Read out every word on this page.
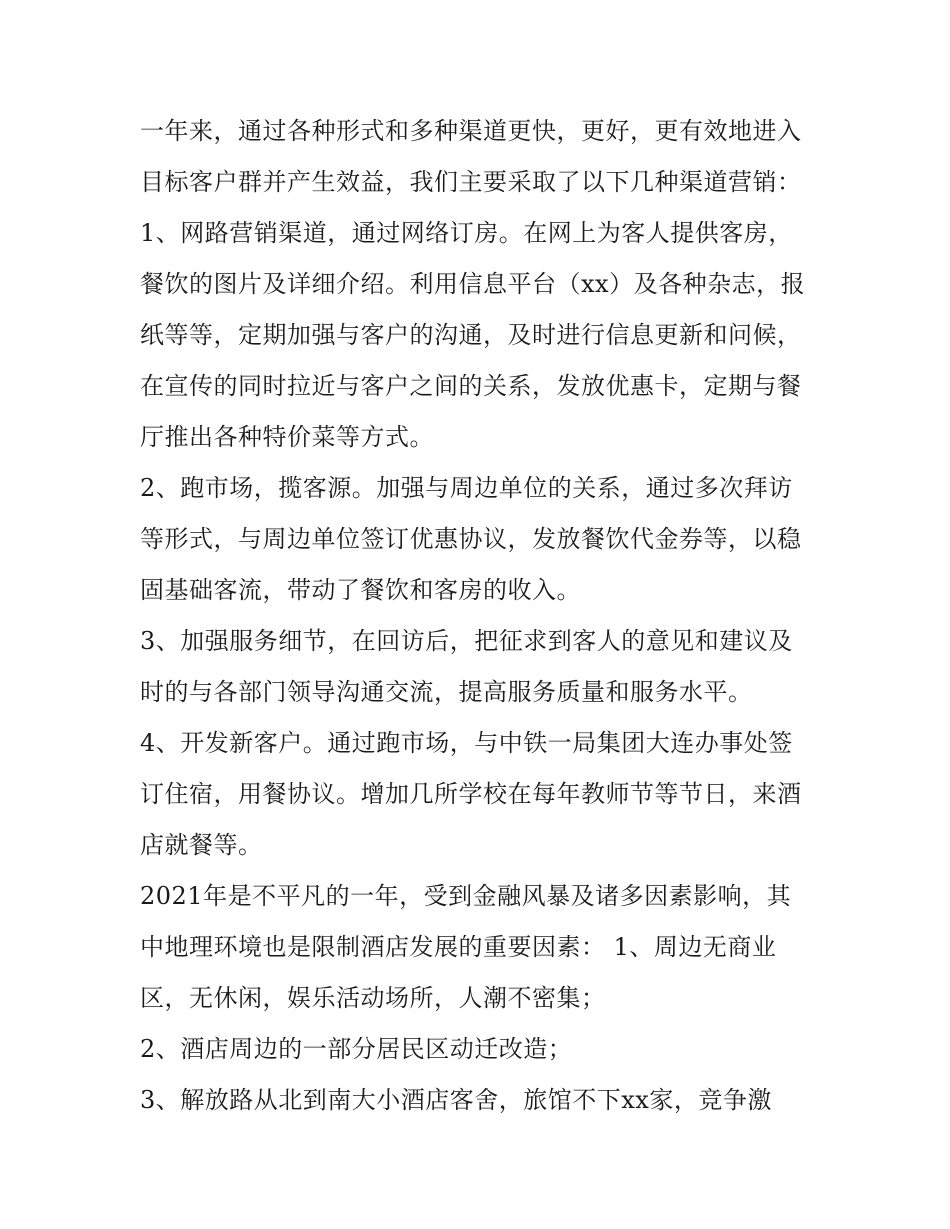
一年来，通过各种形式和多种渠道更快，更好，更有效地进入
目标客户群并产生效益，我们主要采取了以下几种渠道营销：
1、网路营销渠道，通过网络订房。在网上为客人提供客房，
餐饮的图片及详细介绍。利用信息平台（xx）及各种杂志，报
纸等等，定期加强与客户的沟通，及时进行信息更新和问候，
在宣传的同时拉近与客户之间的关系，发放优惠卡，定期与餐
厅推出各种特价菜等方式。
2、跑市场，揽客源。加强与周边单位的关系，通过多次拜访
等形式，与周边单位签订优惠协议，发放餐饮代金券等，以稳
固基础客流，带动了餐饮和客房的收入。
3、加强服务细节，在回访后，把征求到客人的意见和建议及
时的与各部门领导沟通交流，提高服务质量和服务水平。
4、开发新客户。通过跑市场，与中铁一局集团大连办事处签
订住宿，用餐协议。增加几所学校在每年教师节等节日，来酒
店就餐等。
2021年是不平凡的一年，受到金融风暴及诸多因素影响，其
中地理环境也是限制酒店发展的重要因素： 1、周边无商业
区，无休闲，娱乐活动场所，人潮不密集；
2、酒店周边的一部分居民区动迁改造；
3、解放路从北到南大小酒店客舍，旅馆不下xx家，竞争激
